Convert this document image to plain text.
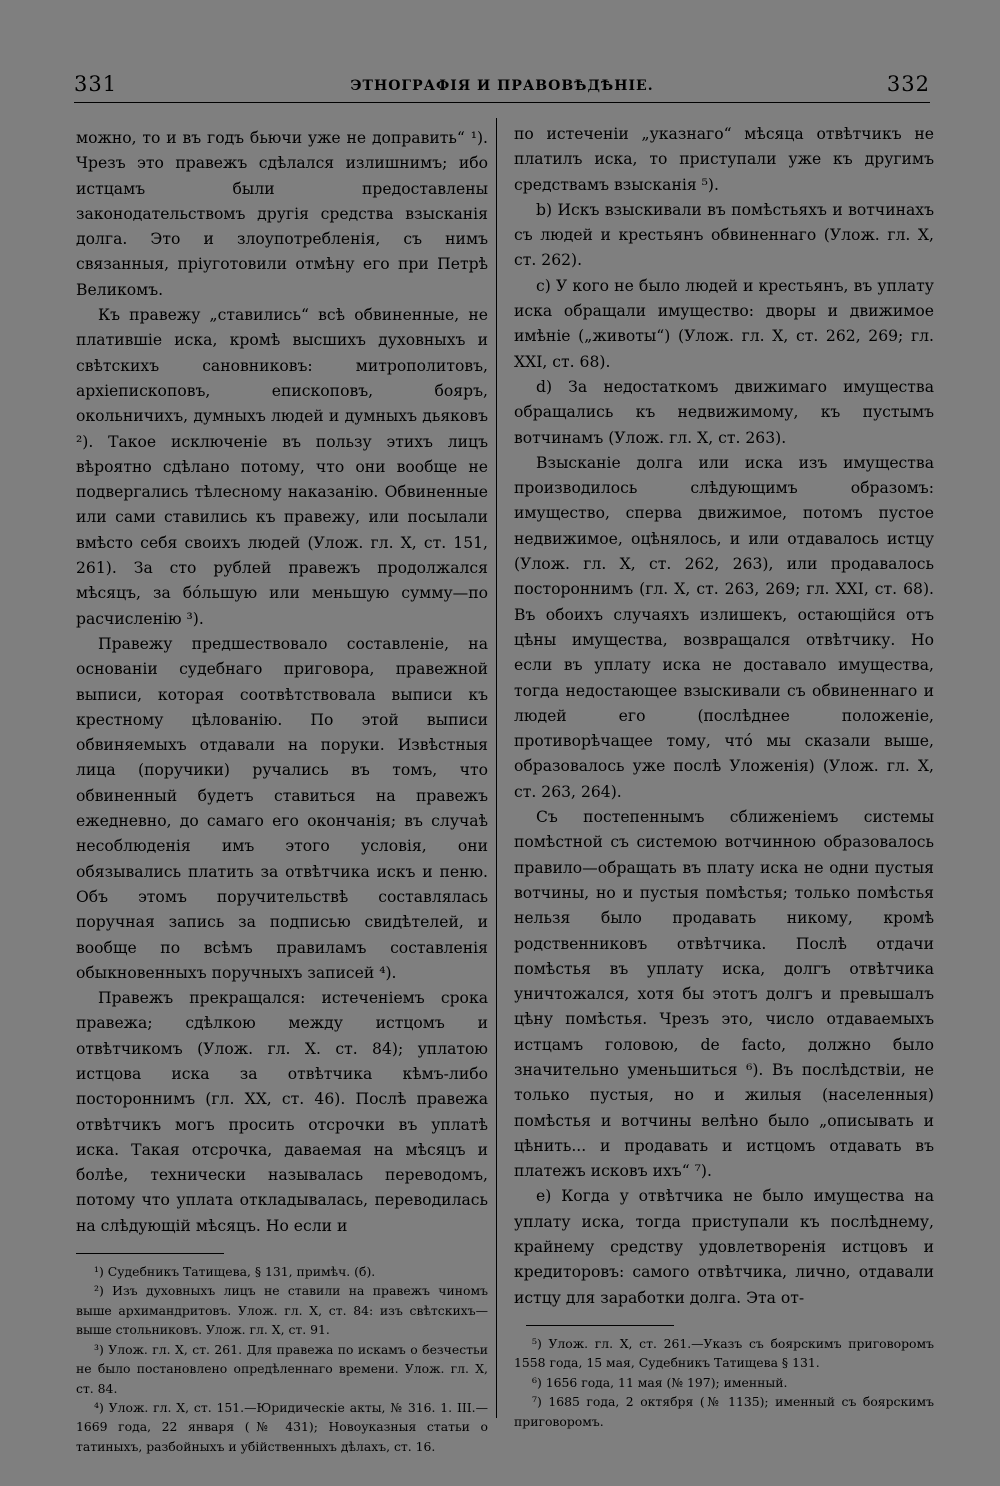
331	ЭТНОГРАФІЯ И ПРАВОВѢДѢНІЕ.	332

можно, то и въ годъ бьючи уже не доправить“ ¹). Чрезъ это правежъ сдѣлался излишнимъ; ибо истцамъ были предоставлены законодательствомъ другія средства взысканія долга. Это и злоупотребленія, съ нимъ связанныя, пріуготовили отмѣну его при Петрѣ Великомъ.

Къ правежу „ставились“ всѣ обвиненные, не платившіе иска, кромѣ высшихъ духовныхъ и свѣтскихъ сановниковъ: митрополитовъ, архіепископовъ, епископовъ, бояръ, окольничихъ, думныхъ людей и думныхъ дьяковъ ²). Такое исключеніе въ пользу этихъ лицъ вѣроятно сдѣлано потому, что они вообще не подвергались тѣлесному наказанію. Обвиненные или сами ставились къ правежу, или посылали вмѣсто себя своихъ людей (Улож. гл. X, ст. 151, 261). За сто рублей правежъ продолжался мѣсяцъ, за бо́льшую или меньшую сумму—по расчисленію ³).

Правежу предшествовало составленіе, на основаніи судебнаго приговора, правежной выписи, которая соотвѣтствовала выписи къ крестному цѣлованію. По этой выписи обвиняемыхъ отдавали на поруки. Извѣстныя лица (поручики) ручались въ томъ, что обвиненный будетъ ставиться на правежъ ежедневно, до самаго его окончанія; въ случаѣ несоблюденія имъ этого условія, они обязывались платить за отвѣтчика искъ и пеню. Объ этомъ поручительствѣ составлялась поручная запись за подписью свидѣтелей, и вообще по всѣмъ правиламъ составленія обыкновенныхъ поручныхъ записей ⁴).

Правежъ прекращался: истеченіемъ срока правежа; сдѣлкою между истцомъ и отвѣтчикомъ (Улож. гл. X. ст. 84); уплатою истцова иска за отвѣтчика кѣмъ-либо постороннимъ (гл. XX, ст. 46). Послѣ правежа отвѣтчикъ могъ просить отсрочки въ уплатѣ иска. Такая отсрочка, даваемая на мѣсяцъ и болѣе, технически называлась переводомъ, потому что уплата откладывалась, переводилась на слѣдующій мѣсяцъ. Но если и

¹) Судебникъ Татищева, § 131, примѣч. (б).

²) Изъ духовныхъ лицъ не ставили на правежъ чиномъ выше архимандритовъ. Улож. гл. X, ст. 84: изъ свѣтскихъ—выше стольниковъ. Улож. гл. X, ст. 91.

³) Улож. гл. X, ст. 261. Для правежа по искамъ о безчестьи не было постановлено опредѣленнаго времени. Улож. гл. X, ст. 84.

⁴) Улож. гл. X, ст. 151.—Юридическіе акты, № 316. 1. III.—1669 года, 22 января (№ 431); Новоуказныя статьи о татиныхъ, разбойныхъ и убійственныхъ дѣлахъ, ст. 16.

по истеченіи „указнаго“ мѣсяца отвѣтчикъ не платилъ иска, то приступали уже къ другимъ средствамъ взысканія ⁵).

b) Искъ взыскивали въ помѣстьяхъ и вотчинахъ съ людей и крестьянъ обвиненнаго (Улож. гл. X, ст. 262).

c) У кого не было людей и крестьянъ, въ уплату иска обращали имущество: дворы и движимое имѣніе („животы“) (Улож. гл. X, ст. 262, 269; гл. XXI, ст. 68).

d) За недостаткомъ движимаго имущества обращались къ недвижимому, къ пустымъ вотчинамъ (Улож. гл. X, ст. 263).

Взысканіе долга или иска изъ имущества производилось слѣдующимъ образомъ: имущество, сперва движимое, потомъ пустое недвижимое, оцѣнялось, и или отдавалось истцу (Улож. гл. X, ст. 262, 263), или продавалось постороннимъ (гл. X, ст. 263, 269; гл. XXI, ст. 68). Въ обоихъ случаяхъ излишекъ, остающійся отъ цѣны имущества, возвращался отвѣтчику. Но если въ уплату иска не доставало имущества, тогда недостающее взыскивали съ обвиненнаго и людей его (послѣднее положеніе, противорѣчащее тому, что́ мы сказали выше, образовалось уже послѣ Уложенія) (Улож. гл. X, ст. 263, 264).

Съ постепеннымъ сближеніемъ системы помѣстной съ системою вотчинною образовалось правило—обращать въ плату иска не одни пустыя вотчины, но и пустыя помѣстья; только помѣстья нельзя было продавать никому, кромѣ родственниковъ отвѣтчика. Послѣ отдачи помѣстья въ уплату иска, долгъ отвѣтчика уничтожался, хотя бы этотъ долгъ и превышалъ цѣну помѣстья. Чрезъ это, число отдаваемыхъ истцамъ головою, de facto, должно было значительно уменьшиться ⁶). Въ послѣдствіи, не только пустыя, но и жилыя (населенныя) помѣстья и вотчины велѣно было „описывать и цѣнить... и продавать и истцомъ отдавать въ платежъ исковъ ихъ“ ⁷).

e) Когда у отвѣтчика не было имущества на уплату иска, тогда приступали къ послѣднему, крайнему средству удовлетворенія истцовъ и кредиторовъ: самого отвѣтчика, лично, отдавали истцу для заработки долга. Эта от-

⁵) Улож. гл. X, ст. 261.—Указъ съ боярскимъ приговоромъ 1558 года, 15 мая, Судебникъ Татищева § 131.

⁶) 1656 года, 11 мая (№ 197); именный.

⁷) 1685 года, 2 октября (№ 1135); именный съ боярскимъ приговоромъ.
